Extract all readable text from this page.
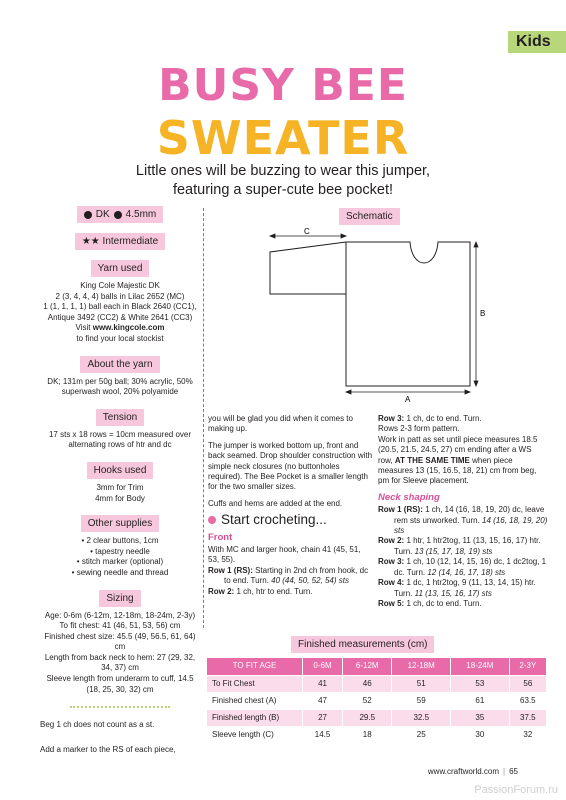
Kids
BUSY BEE
SWEATER
Little ones will be buzzing to wear this jumper,
featuring a super-cute bee pocket!
DK 4.5mm
★★ Intermediate
Yarn used
King Cole Majestic DK
2 (3, 4, 4, 4) balls in Lilac 2652 (MC)
1 (1, 1, 1, 1) ball each in Black 2640 (CC1),
Antique 3492 (CC2) & White 2641 (CC3)
Visit www.kingcole.com
to find your local stockist
About the yarn
DK; 131m per 50g ball; 30% acrylic, 50% superwash wool, 20% polyamide
Tension
17 sts x 18 rows = 10cm measured over alternating rows of htr and dc
Hooks used
3mm for Trim
4mm for Body
Other supplies
• 2 clear buttons, 1cm
• tapestry needle
• stitch marker (optional)
• sewing needle and thread
Sizing
Age: 0-6m (6-12m, 12-18m, 18-24m, 2-3y)
To fit chest: 41 (46, 51, 53, 56) cm
Finished chest size: 45.5 (49, 56.5, 61, 64) cm
Length from back neck to hem: 27 (29, 32, 34, 37) cm
Sleeve length from underarm to cuff, 14.5 (18, 25, 30, 32) cm
Beg 1 ch does not count as a st.
Add a marker to the RS of each piece,
Schematic
C
B
A

you will be glad you did when it comes to making up.

The jumper is worked bottom up, front and back seamed. Drop shoulder construction with simple neck closures (no buttonholes required). The Bee Pocket is a smaller length for the two smaller sizes.

Cuffs and hems are added at the end.

Start crocheting...
Front
With MC and larger hook, chain 41 (45, 51, 53, 55).
Row 1 (RS): Starting in 2nd ch from hook, dc to end. Turn. 40 (44, 50, 52, 54) sts
Row 2: 1 ch, htr to end. Turn.
Row 3: 1 ch, dc to end. Turn.
Rows 2-3 form pattern.
Work in patt as set until piece measures 18.5 (20.5, 21.5, 24.5, 27) cm ending after a WS row, AT THE SAME TIME when piece measures 13 (15, 16.5, 18, 21) cm from beg, pm for Sleeve placement.
Neck shaping
Row 1 (RS): 1 ch, 14 (16, 18, 19, 20) dc, leave rem sts unworked. Turn. 14 (16, 18, 19, 20) sts
Row 2: 1 htr, 1 htr2tog, 11 (13, 15, 16, 17) htr. Turn. 13 (15, 17, 18, 19) sts
Row 3: 1 ch, 10 (12, 14, 15, 16) dc, 1 dc2tog, 1 dc. Turn. 12 (14, 16, 17, 18) sts
Row 4: 1 dc, 1 htr2tog, 9 (11, 13, 14, 15) htr. Turn. 11 (13, 15, 16, 17) sts
Row 5: 1 ch, dc to end. Turn.
Finished measurements (cm)
TO FIT AGE	0-6M	6-12M	12-18M	18-24M	2-3Y
To Fit Chest	41	46	51	53	56
Finished chest (A)	47	52	59	61	63.5
Finished length (B)	27	29.5	32.5	35	37.5
Sleeve length (C)	14.5	18	25	30	32
www.craftworld.com | 65
PassionForum.ru
